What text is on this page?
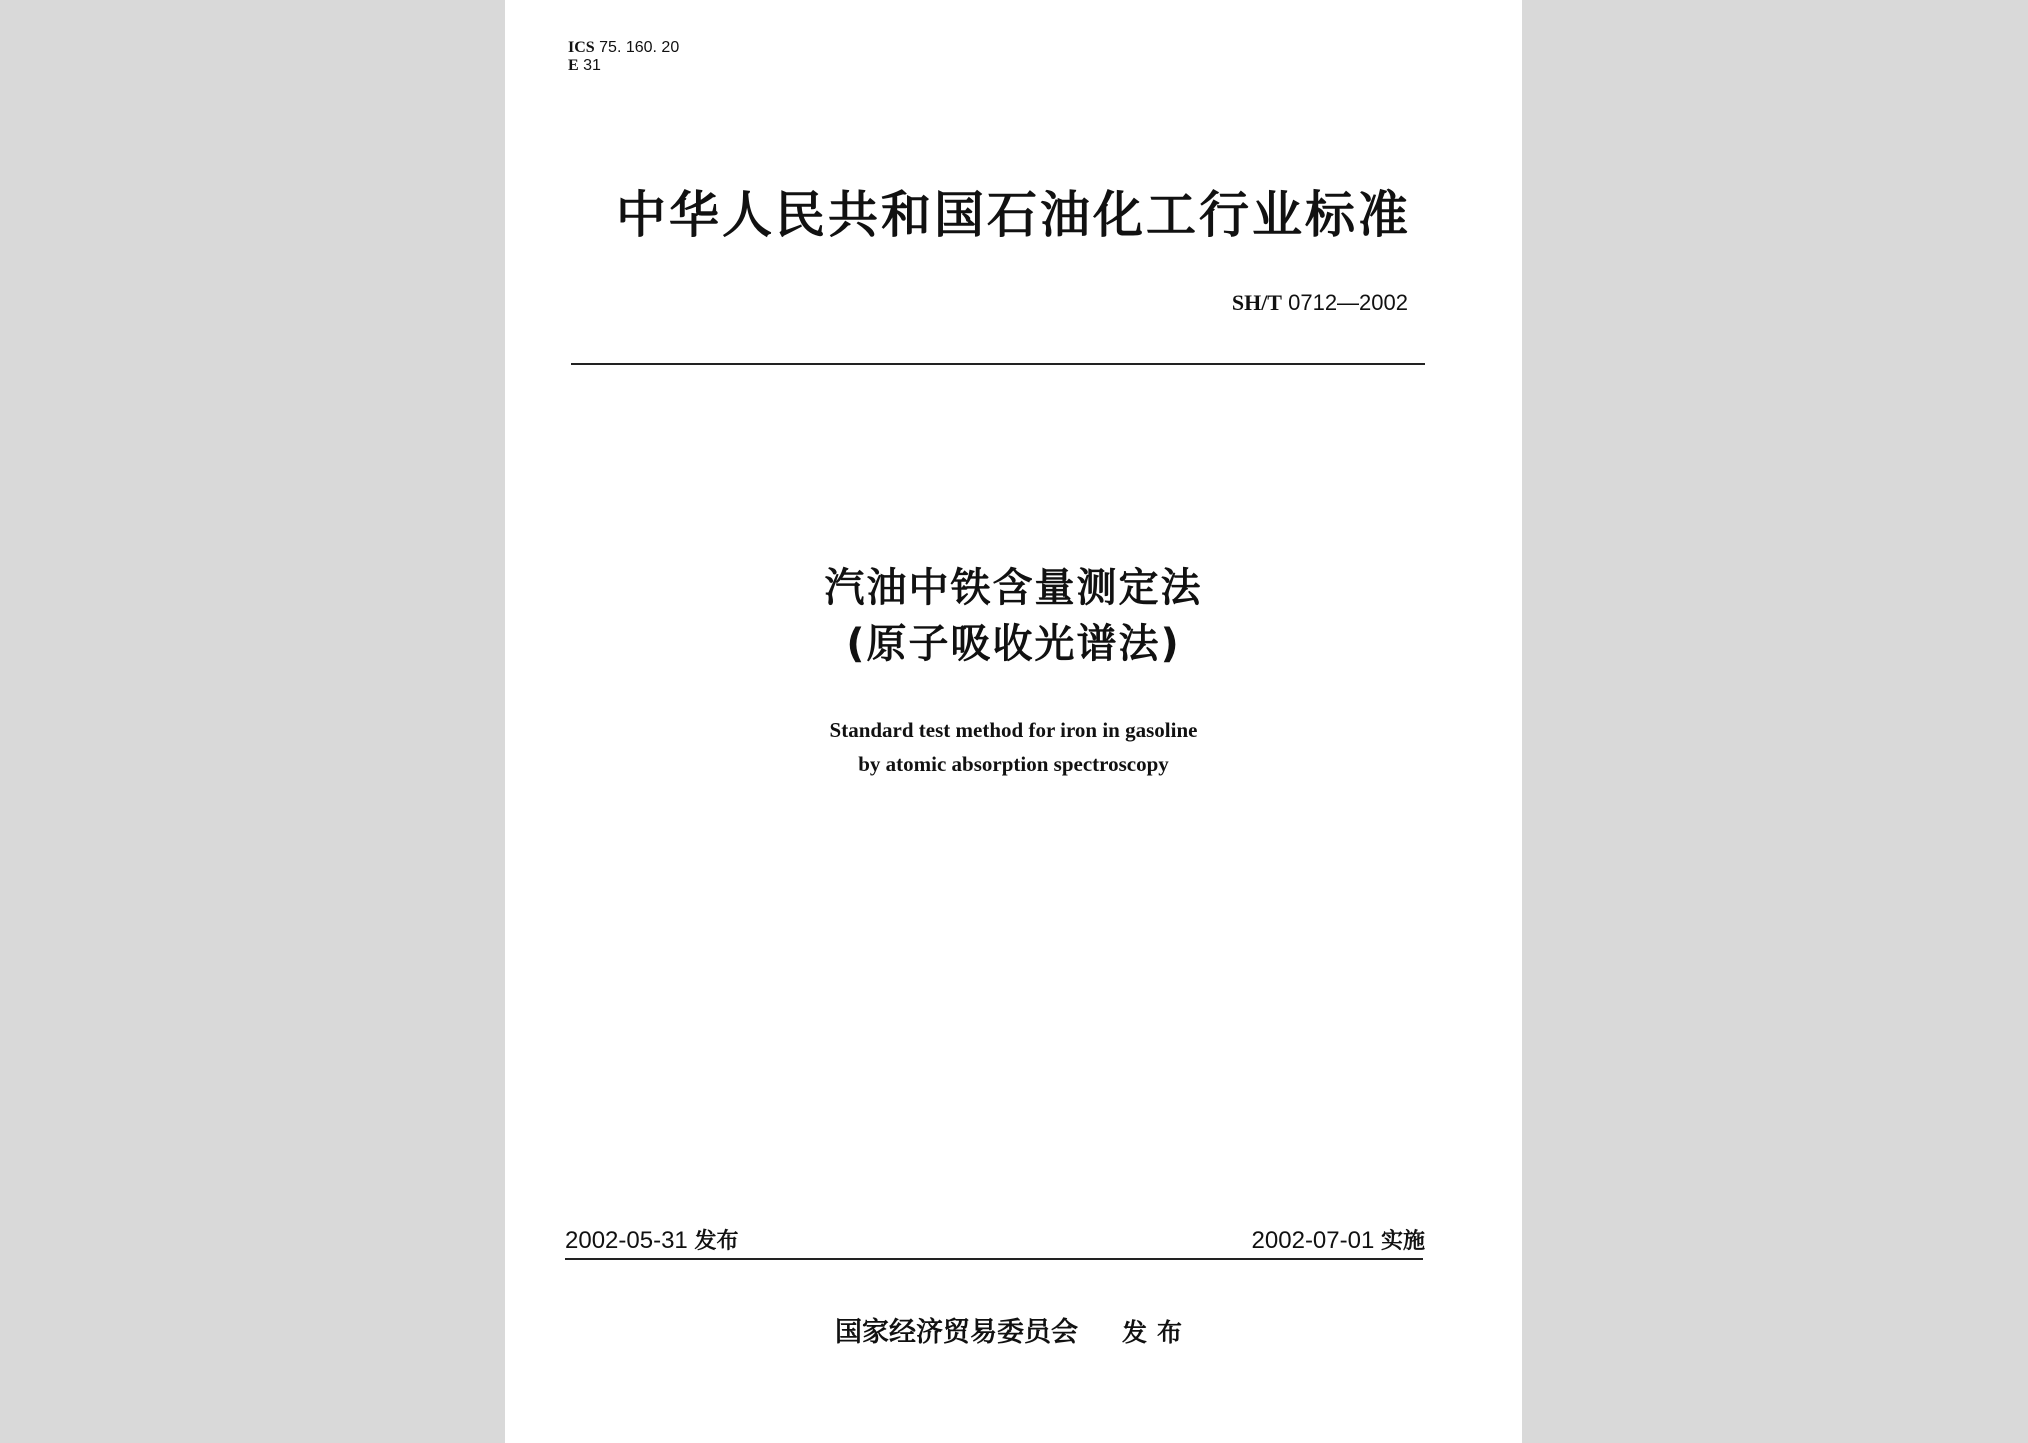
ICS 75. 160. 20
E 31
中华人民共和国石油化工行业标准
SH/T 0712—2002
汽油中铁含量测定法
(原子吸收光谱法)
Standard test method for iron in gasoline
by atomic absorption spectroscopy
2002-05-31 发布	2002-07-01 实施
国家经济贸易委员会 发布
